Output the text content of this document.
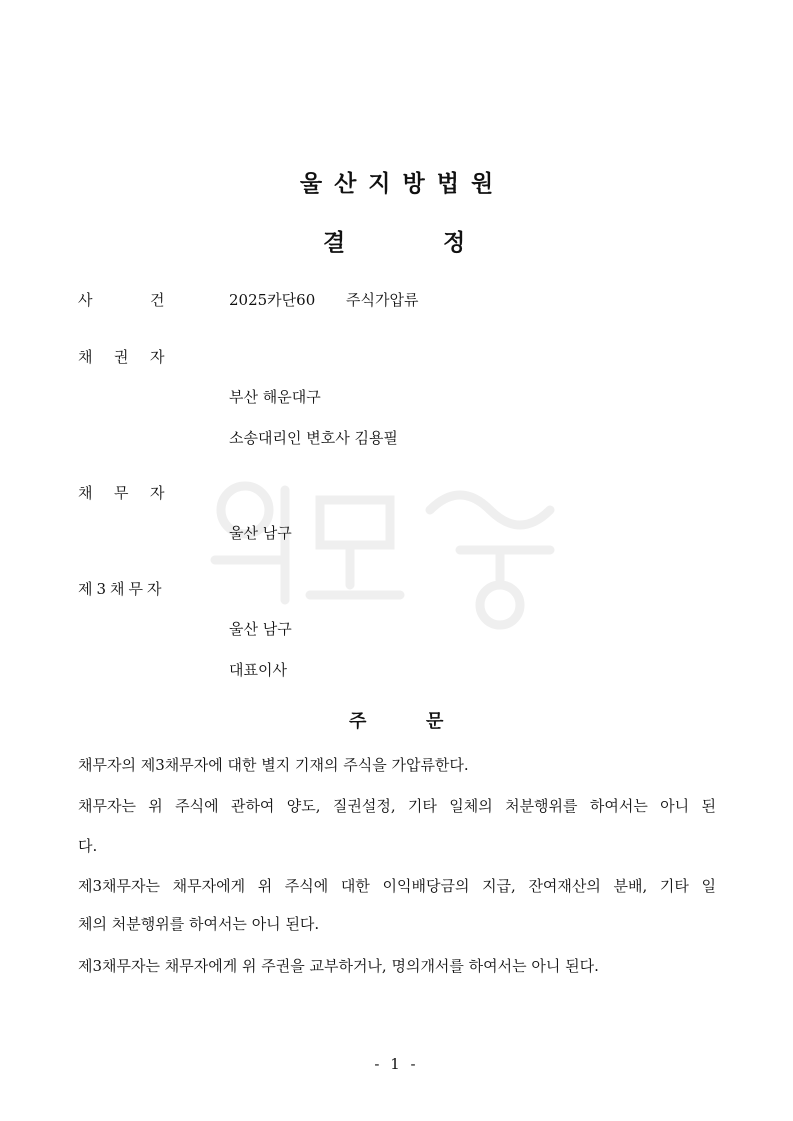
울 산 지 방 법 원
결	정
사	건	2025카단60 주식가압류
채 권 자
부산 해운대구
소송대리인 변호사 김용필
채 무 자
울산 남구
제3채무자
울산 남구
대표이사
주	문
채무자의 제3채무자에 대한 별지 기재의 주식을 가압류한다.
채무자는 위 주식에 관하여 양도, 질권설정, 기타 일체의 처분행위를 하여서는 아니 된
다.
제3채무자는 채무자에게 위 주식에 대한 이익배당금의 지급, 잔여재산의 분배, 기타 일
체의 처분행위를 하여서는 아니 된다.
제3채무자는 채무자에게 위 주권을 교부하거나, 명의개서를 하여서는 아니 된다.
- 1 -
